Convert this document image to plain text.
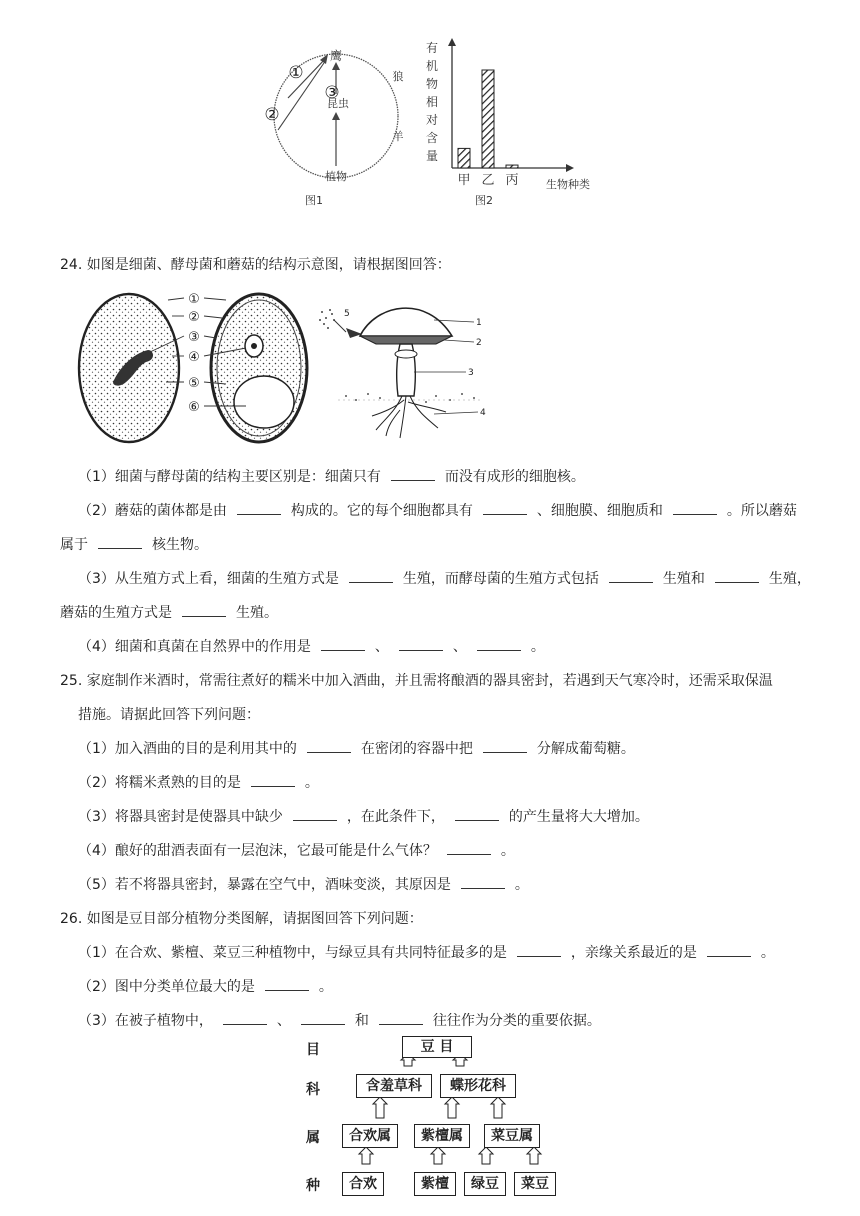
鹰
狼
羊
昆虫
植物
①
②
③
图1
有
机
物
相
对
含
量
甲 乙 丙 生物种类
图2
24. 如图是细菌、酵母菌和蘑菇的结构示意图，请根据图回答：
①
②
③
④
⑤
⑥
1
2
3
4
5
（1）细菌与酵母菌的结构主要区别是：细菌只有	而没有成形的细胞核。
（2）蘑菇的菌体都是由	构成的。它的每个细胞都具有	、细胞膜、细胞质和	。所以蘑菇
属于	核生物。
（3）从生殖方式上看，细菌的生殖方式是	生殖，而酵母菌的生殖方式包括	生殖和	生殖，
蘑菇的生殖方式是	生殖。
（4）细菌和真菌在自然界中的作用是	、	、	。
25. 家庭制作米酒时，常需往煮好的糯米中加入酒曲，并且需将酿酒的器具密封，若遇到天气寒冷时，还需采取保温
措施。请据此回答下列问题：
（1）加入酒曲的目的是利用其中的	在密闭的容器中把	分解成葡萄糖。
（2）将糯米煮熟的目的是	。
（3）将器具密封是使器具中缺少	，在此条件下，	的产生量将大大增加。
（4）酿好的甜酒表面有一层泡沫，它最可能是什么气体？	。
（5）若不将器具密封，暴露在空气中，酒味变淡，其原因是	。
26. 如图是豆目部分植物分类图解，请据图回答下列问题：
（1）在合欢、紫檀、菜豆三种植物中，与绿豆具有共同特征最多的是	，亲缘关系最近的是	。
（2）图中分类单位最大的是	。
（3）在被子植物中，	、	和	往往作为分类的重要依据。
目
科
属
种
豆 目
含羞草科	蝶形花科
合欢属	紫檀属	菜豆属
合欢	紫檀	绿豆	菜豆
